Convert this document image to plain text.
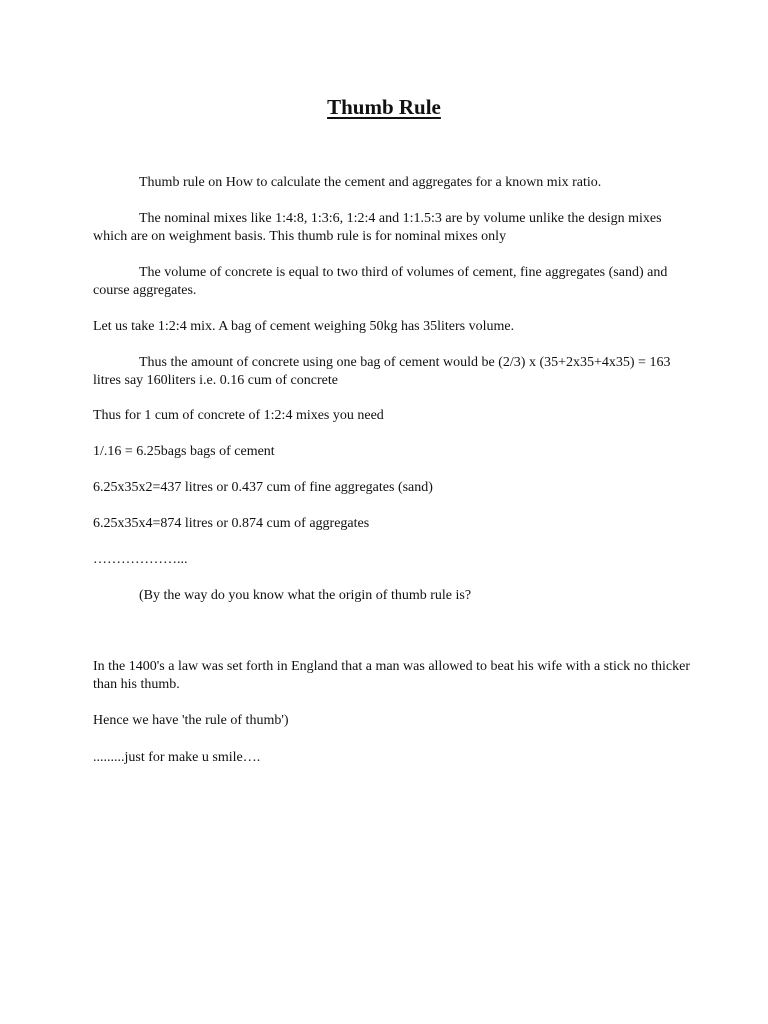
Thumb Rule
Thumb rule on How to calculate the cement and aggregates for a known mix ratio.
The nominal mixes like 1:4:8, 1:3:6, 1:2:4 and 1:1.5:3 are by volume unlike the design mixes which are on weighment basis. This thumb rule is for nominal mixes only
The volume of concrete is equal to two third of volumes of cement, fine aggregates (sand) and course aggregates.
Let us take 1:2:4 mix. A bag of cement weighing 50kg has 35liters volume.
Thus the amount of concrete using one bag of cement would be (2/3) x (35+2x35+4x35) = 163 litres say 160liters i.e. 0.16 cum of concrete
Thus for 1 cum of concrete of 1:2:4 mixes you need
1/.16 = 6.25bags bags of cement
6.25x35x2=437 litres or 0.437 cum of fine aggregates (sand)
6.25x35x4=874 litres or 0.874 cum of aggregates
………………...
(By the way do you know what the origin of thumb rule is?
In the 1400's a law was set forth in England that a man was allowed to beat his wife with a stick no thicker than his thumb.
Hence we have 'the rule of thumb')
.........just for make u smile….
